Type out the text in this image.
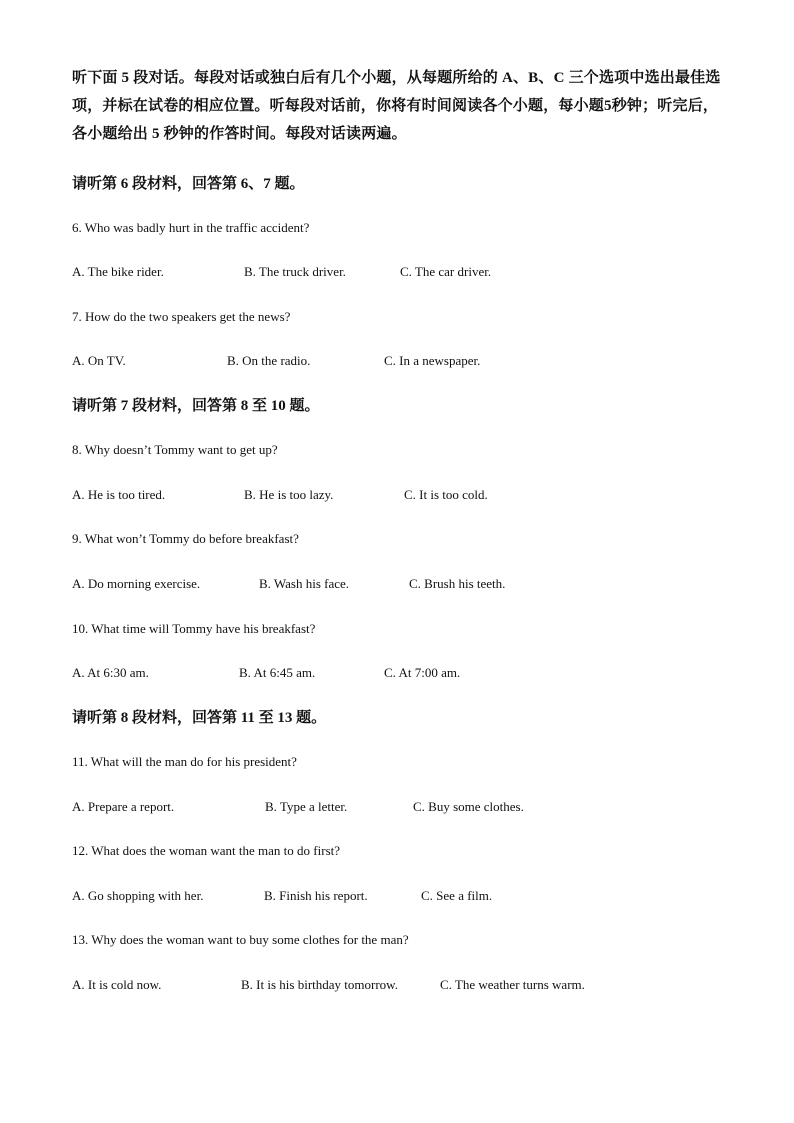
听下面 5 段对话。每段对话或独白后有几个小题，从每题所给的 A、B、C 三个选项中选出最佳选项，并标在试卷的相应位置。听每段对话前，你将有时间阅读各个小题，每小题5秒钟；听完后，各小题给出 5 秒钟的作答时间。每段对话读两遍。
请听第 6 段材料，回答第 6、7 题。
6. Who was badly hurt in the traffic accident?
A. The bike rider.	B. The truck driver.	C. The car driver.
7. How do the two speakers get the news?
A. On TV.	B. On the radio.	C. In a newspaper.
请听第 7 段材料，回答第 8 至 10 题。
8. Why doesn’t Tommy want to get up?
A. He is too tired.	B. He is too lazy.	C. It is too cold.
9. What won’t Tommy do before breakfast?
A. Do morning exercise.	B. Wash his face.	C. Brush his teeth.
10. What time will Tommy have his breakfast?
A. At 6:30 am.	B. At 6:45 am.	C. At 7:00 am.
请听第 8 段材料，回答第 11 至 13 题。
11. What will the man do for his president?
A. Prepare a report.	B. Type a letter.	C. Buy some clothes.
12. What does the woman want the man to do first?
A. Go shopping with her.	B. Finish his report.	C. See a film.
13. Why does the woman want to buy some clothes for the man?
A. It is cold now.	B. It is his birthday tomorrow.	C. The weather turns warm.
